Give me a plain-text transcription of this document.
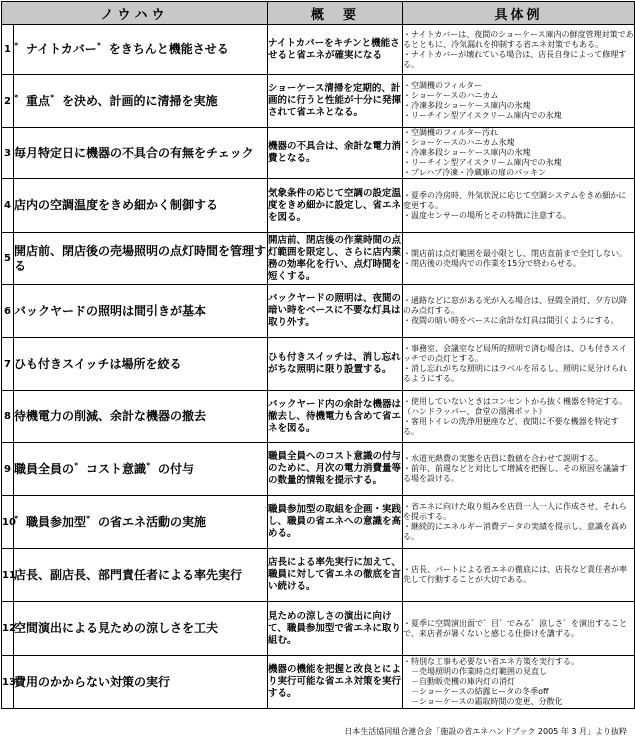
ノウハウ		概　要	具体例
1	゛ナイトカバー゛をきちんと機能させる	ナイトカバーをキチンと機能させると省エネが確実になる	・ナイトカバーは、夜間のショーケース庫内の鮮度管理対策であるとともに、冷気漏れを抑制する省エネ対策でもある。
・ナイトカバーが壊れている場合は、店長自身によって修理する。

2	゛重点゛を決め、計画的に清掃を実施	ショーケース清掃を定期的、計画的に行うと性能が十分に発揮されて省エネとなる。	・空調機のフィルター
・ショーケースのハニカム
・冷凍多段ショーケース庫内の氷塊
・リーチイン型アイスクリーム庫内での氷塊

3	毎月特定日に機器の不具合の有無をチェック	機器の不具合は、余計な電力消費となる。	・空調機のフィルター汚れ
・ショーケースのハニカム氷塊
・冷凍多段ショーケース庫内の氷塊
・リーチイン型アイスクリーム庫内での氷塊
・プレハブ冷凍・冷蔵庫の扉のパッキン

4	店内の空調温度をきめ細かく制御する	気象条件の応じて空調の設定温度をきめ細かに設定し、省エネを図る。	・夏季の冷房時、外気状況に応じて空調システムをきめ細かに変更する。
・温度センサーの場所とその特徴に注意する。

5	開店前、閉店後の売場照明の点灯時間を管理する	開店前、閉店後の作業時間の点灯範囲を限定し、さらに店内業務の効率化を行い、点灯時間を短くする。	・開店前は点灯範囲を最小限とし、閉店直前まで全灯しない。
・閉店後の売場内での作業を15分で終わらせる。

6	バックヤードの照明は間引きが基本	バックヤードの照明は、夜間の暗い時をベースに不要な灯具は取り外す。	・通路などに窓がある光が入る場合は、昼間全消灯、夕方以降のみ点灯する。
・夜間の暗い時をベースに余計な灯具は間引くようにする。

7	ひも付きスイッチは場所を絞る	ひも付きスイッチは、消し忘れがちな照明に限り設置する。	・事務室、会議室など局所的照明で済む場合は、ひも付きスイッチでの点灯とする。
・消し忘れがちな照明にはラベルを吊るし、照明に見分けられるようにする。

8	待機電力の削減、余計な機器の撤去	バックヤード内の余計な機器は撤去し、待機電力も含めて省エネを図る。	・使用していないときはコンセントから抜く機器を特定する。（ハンドラッパー、食堂の湯沸ポット）
・客用トイレの洗浄用便座など、夜間に不要な機器を特定する。

9	職員全員の゛コスト意識゛の付与	職員全員へのコスト意識の付与のために、月次の電力消費量等の数量的情報を提示する。	・水道光熱費の実態を店員に数値を合わせて説明する。
・前年、前週などと対比して増減を把握し、その原因を議論する場を設ける。

10	゛職員参加型゛の省エネ活動の実施	職員参加型の取組を企画・実践し、職員の省エネへの意識を高める。	・省エネに向けた取り組みを店員一人一人に作成させ、それらを提示する。
・継続的にエネルギー消費データの実績を提示し、意識を高める。

11	店長、副店長、部門責任者による率先実行	店長による率先実行に加えて、職員に対して省エネの徹底を言い続ける。	・店長、パートによる省エネの徹底には、店長など責任者が率先して行動することが大切である。

12	空間演出による見ための涼しさを工夫	見ための涼しさの演出に向けて、職員参加型で省エネに取り組む。	・夏季に空間演出面で゛目゛でみる゛涼しさ゛を演出することで、来店者が暑くないと感じる仕掛けを講ずる。

13	費用のかからない対策の実行	機器の機能を把握と改良とにより実行可能な省エネ対策を実行する。	・特別な工事も必要ない省エネ方策を実行する。
　－売場照明の作業時点灯範囲の見直し
　－自動販売機の庫内灯の消灯
　－ショーケースの結露ヒータの冬季off
　－ショーケースの霜取時間の変更、分散化
日本生活協同組合連合会「施設の省エネハンドブック 2005 年 3 月」より抜粋
